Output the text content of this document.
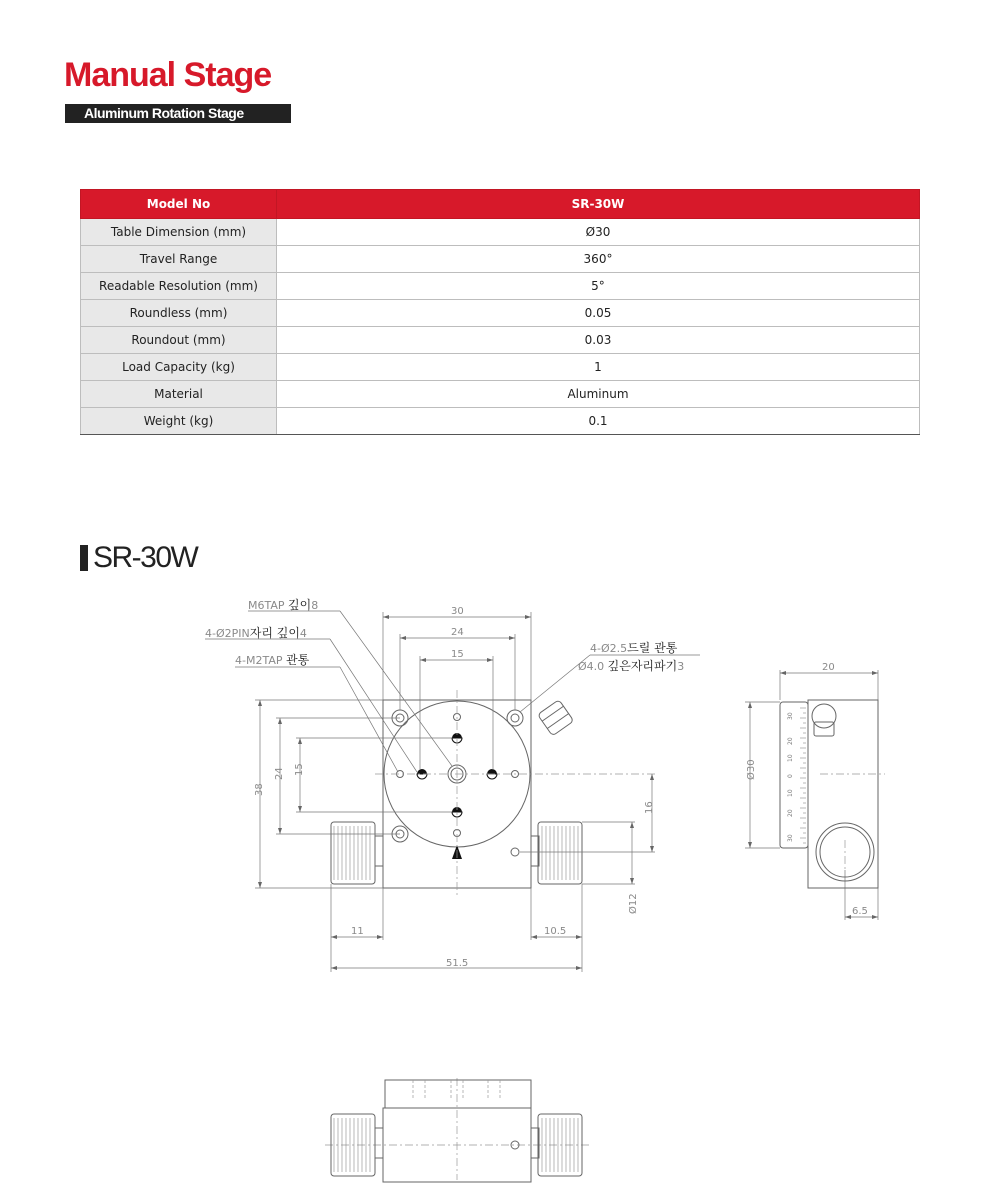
Manual Stage
Aluminum Rotation Stage
Model No	SR-30W
Table Dimension (mm)	Ø30
Travel Range	360°
Readable Resolution (mm)	5°
Roundless (mm)	0.05
Roundout (mm)	0.03
Load Capacity (kg)	1
Material	Aluminum
Weight (kg)	0.1
SR-30W
30
20
10
0
10
20
30
30
24
15
38
24 15
16
Ø12
11	10.5
51.5
20
Ø30
6.5
M6TAP 깊이8
4-Ø2PIN자리 깊이4
4-M2TAP 관통
4-Ø2.5드릴 관통
Ø4.0 깊은자리파기3
